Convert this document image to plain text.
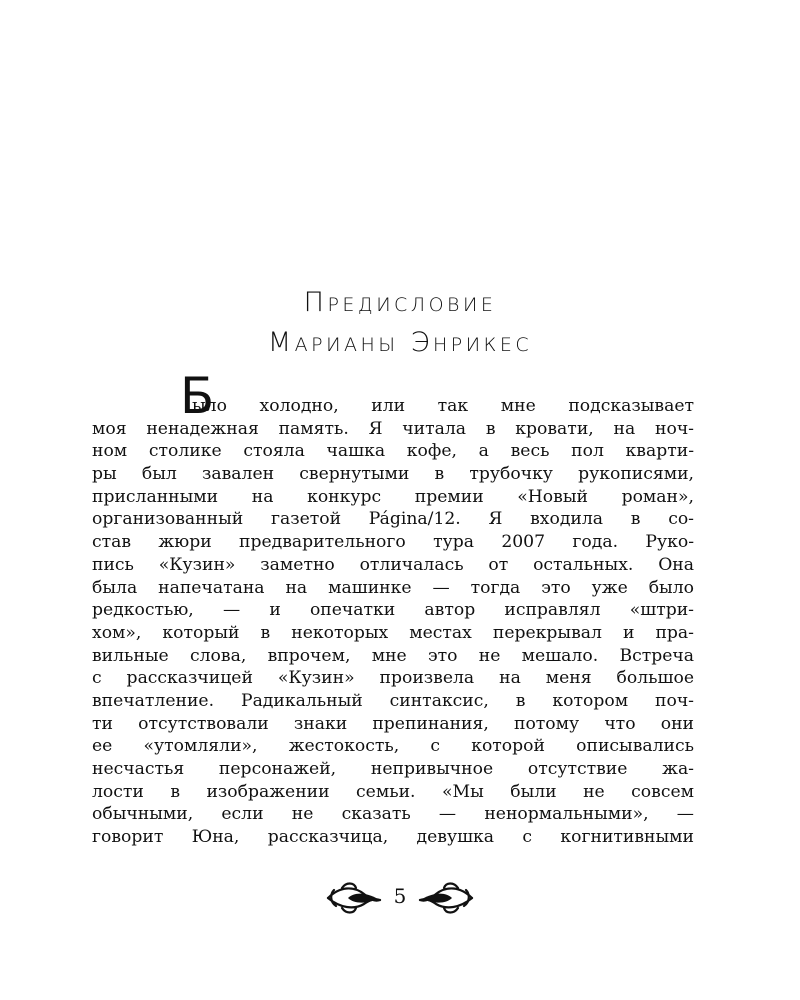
Предисловие
Марианы Энрикес
Б
ыло холодно, или так мне подсказывает
моя ненадежная память. Я читала в кровати, на ноч-
ном столике стояла чашка кофе, а весь пол кварти-
ры был завален свернутыми в трубочку рукописями,
присланными на конкурс премии «Новый роман»,
организованный газетой Página/12. Я входила в со-
став жюри предварительного тура 2007 года. Руко-
пись «Кузин» заметно отличалась от остальных. Она
была напечатана на машинке — тогда это уже было
редкостью, — и опечатки автор исправлял «штри-
хом», который в некоторых местах перекрывал и пра-
вильные слова, впрочем, мне это не мешало. Встреча
с рассказчицей «Кузин» произвела на меня большое
впечатление. Радикальный синтаксис, в котором поч-
ти отсутствовали знаки препинания, потому что они
ее «утомляли», жестокость, с которой описывались
несчастья персонажей, непривычное отсутствие жа-
лости в изображении семьи. «Мы были не совсем
обычными, если не сказать — ненормальными», —
говорит Юна, рассказчица, девушка с когнитивными
5
